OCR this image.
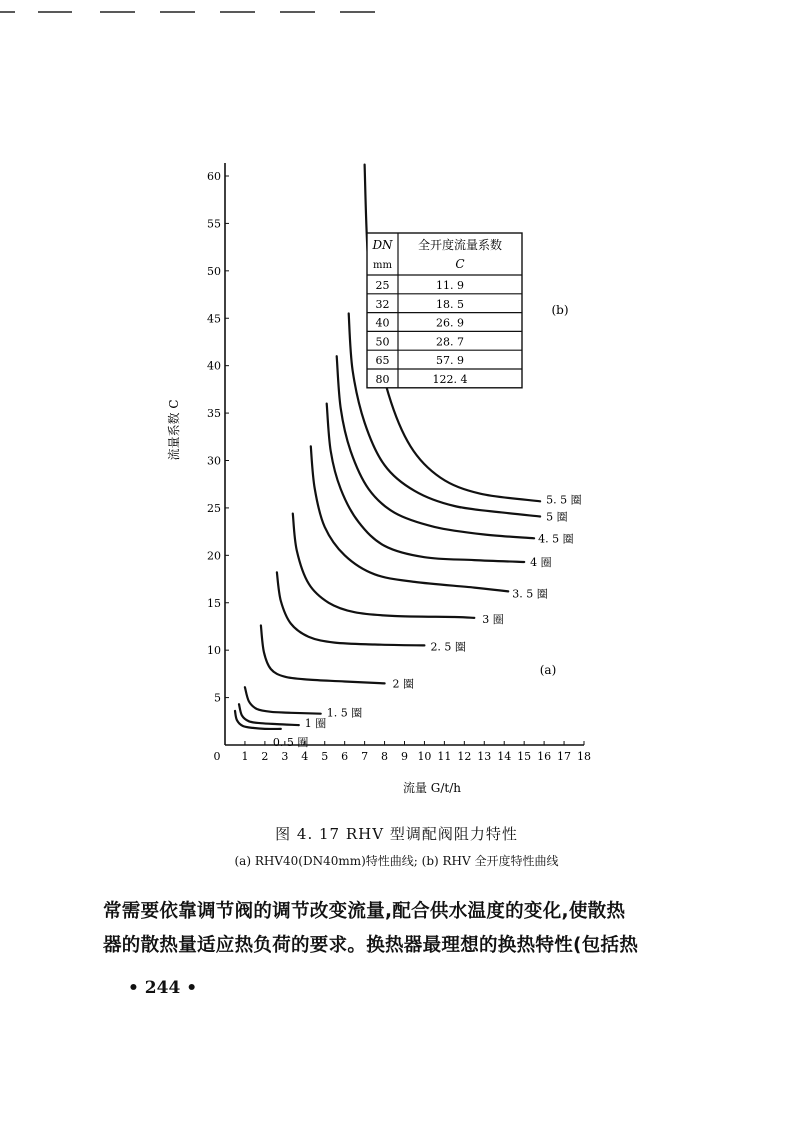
0 1 2 3 4 5 6 7 8 9 10 11 12 13 14 15 16 17 18
5
10
15
20
25
30
35
40
45
50
55
60
0. 5 圈
1 圈
1. 5 圈
2 圈
2. 5 圈
3 圈
3. 5 圈
4 圈
4. 5 圈
5 圈
5. 5 圈
DN
mm
全开度流量系数
C
25	11. 9
32	18. 5
40	26. 9
50	28. 7
65	57. 9
80	122. 4
流量 G/t/h
流量系数 C
(a)
(b)
图 4. 17 RHV 型调配阀阻力特性
(a) RHV40(DN40mm)特性曲线; (b) RHV 全开度特性曲线
常需要依靠调节阀的调节改变流量,配合供水温度的变化,使散热
器的散热量适应热负荷的要求。换热器最理想的换热特性(包括热
• 244 •
